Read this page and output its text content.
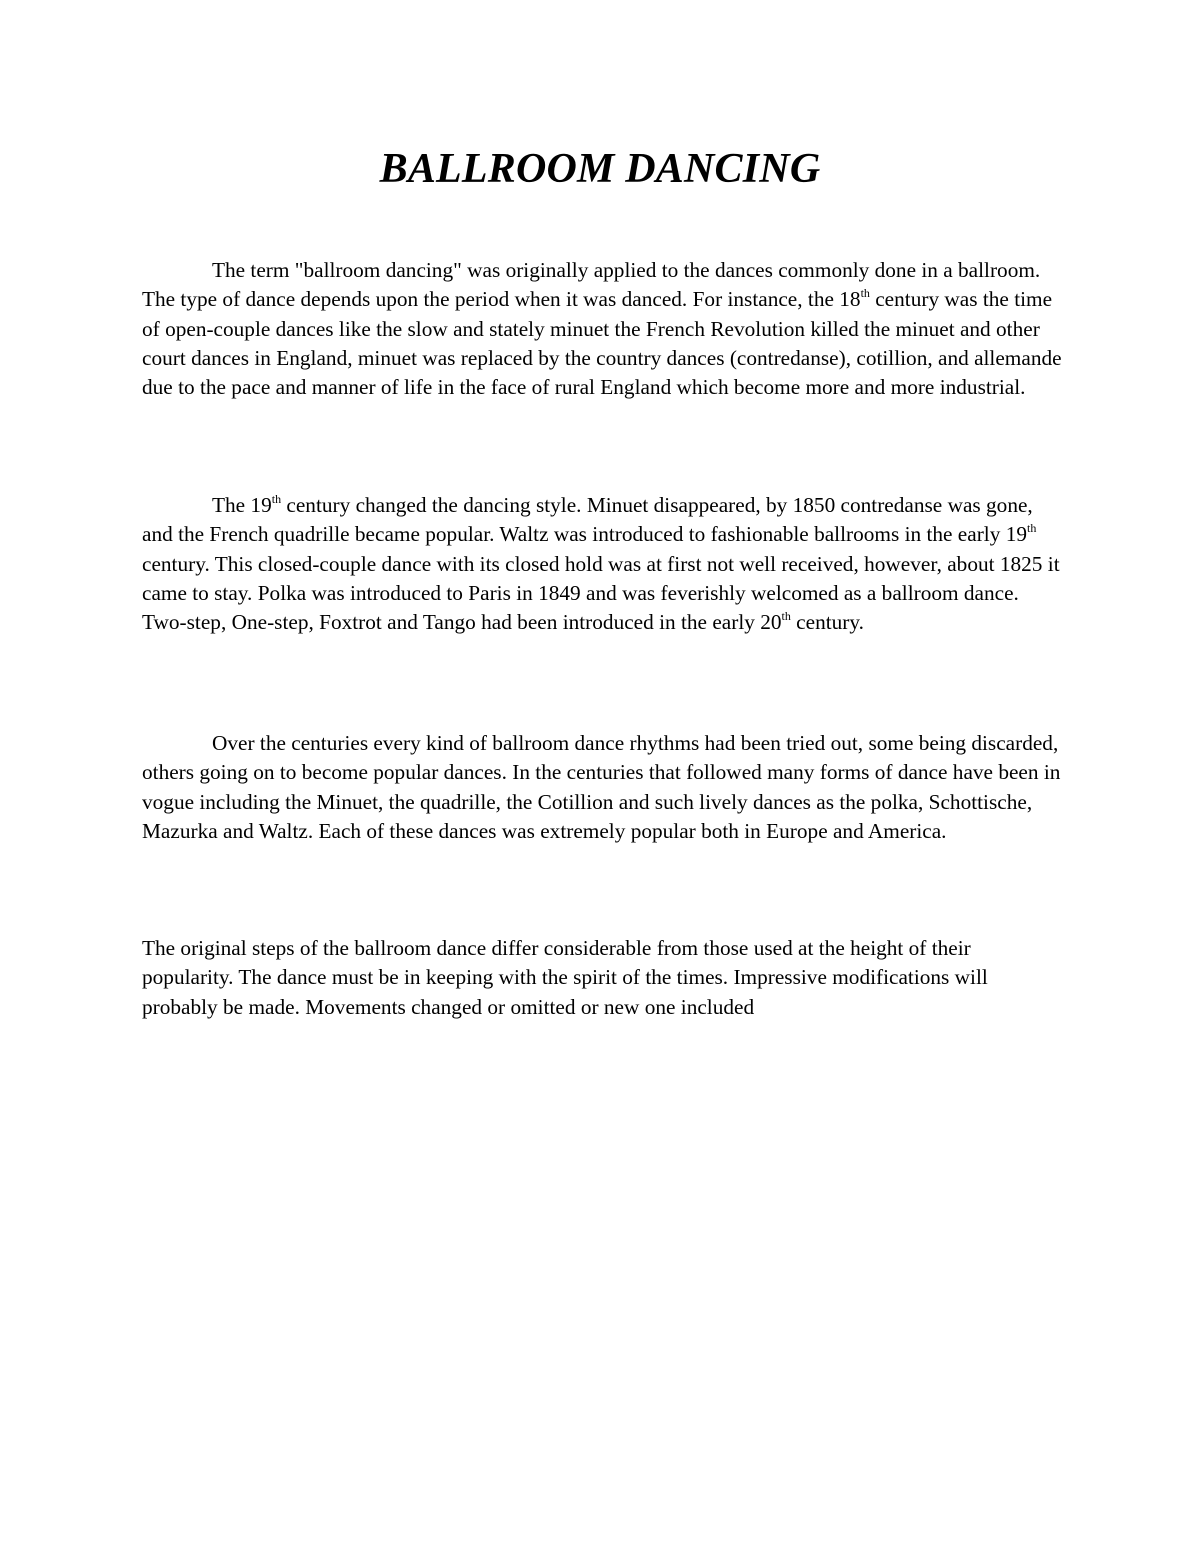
BALLROOM DANCING

The term "ballroom dancing" was originally applied to the dances commonly done in a ballroom. The type of dance depends upon the period when it was danced. For instance, the 18th century was the time of open-couple dances like the slow and stately minuet the French Revolution killed the minuet and other court dances in England, minuet was replaced by the country dances (contredanse), cotillion, and allemande due to the pace and manner of life in the face of rural England which become more and more industrial.

The 19th century changed the dancing style. Minuet disappeared, by 1850 contredanse was gone, and the French quadrille became popular. Waltz was introduced to fashionable ballrooms in the early 19th century. This closed-couple dance with its closed hold was at first not well received, however, about 1825 it came to stay. Polka was introduced to Paris in 1849 and was feverishly welcomed as a ballroom dance. Two-step, One-step, Foxtrot and Tango had been introduced in the early 20th century.

Over the centuries every kind of ballroom dance rhythms had been tried out, some being discarded, others going on to become popular dances. In the centuries that followed many forms of dance have been in vogue including the Minuet, the quadrille, the Cotillion and such lively dances as the polka, Schottische, Mazurka and Waltz. Each of these dances was extremely popular both in Europe and America.

The original steps of the ballroom dance differ considerable from those used at the height of their popularity. The dance must be in keeping with the spirit of the times. Impressive modifications will probably be made. Movements changed or omitted or new one included
